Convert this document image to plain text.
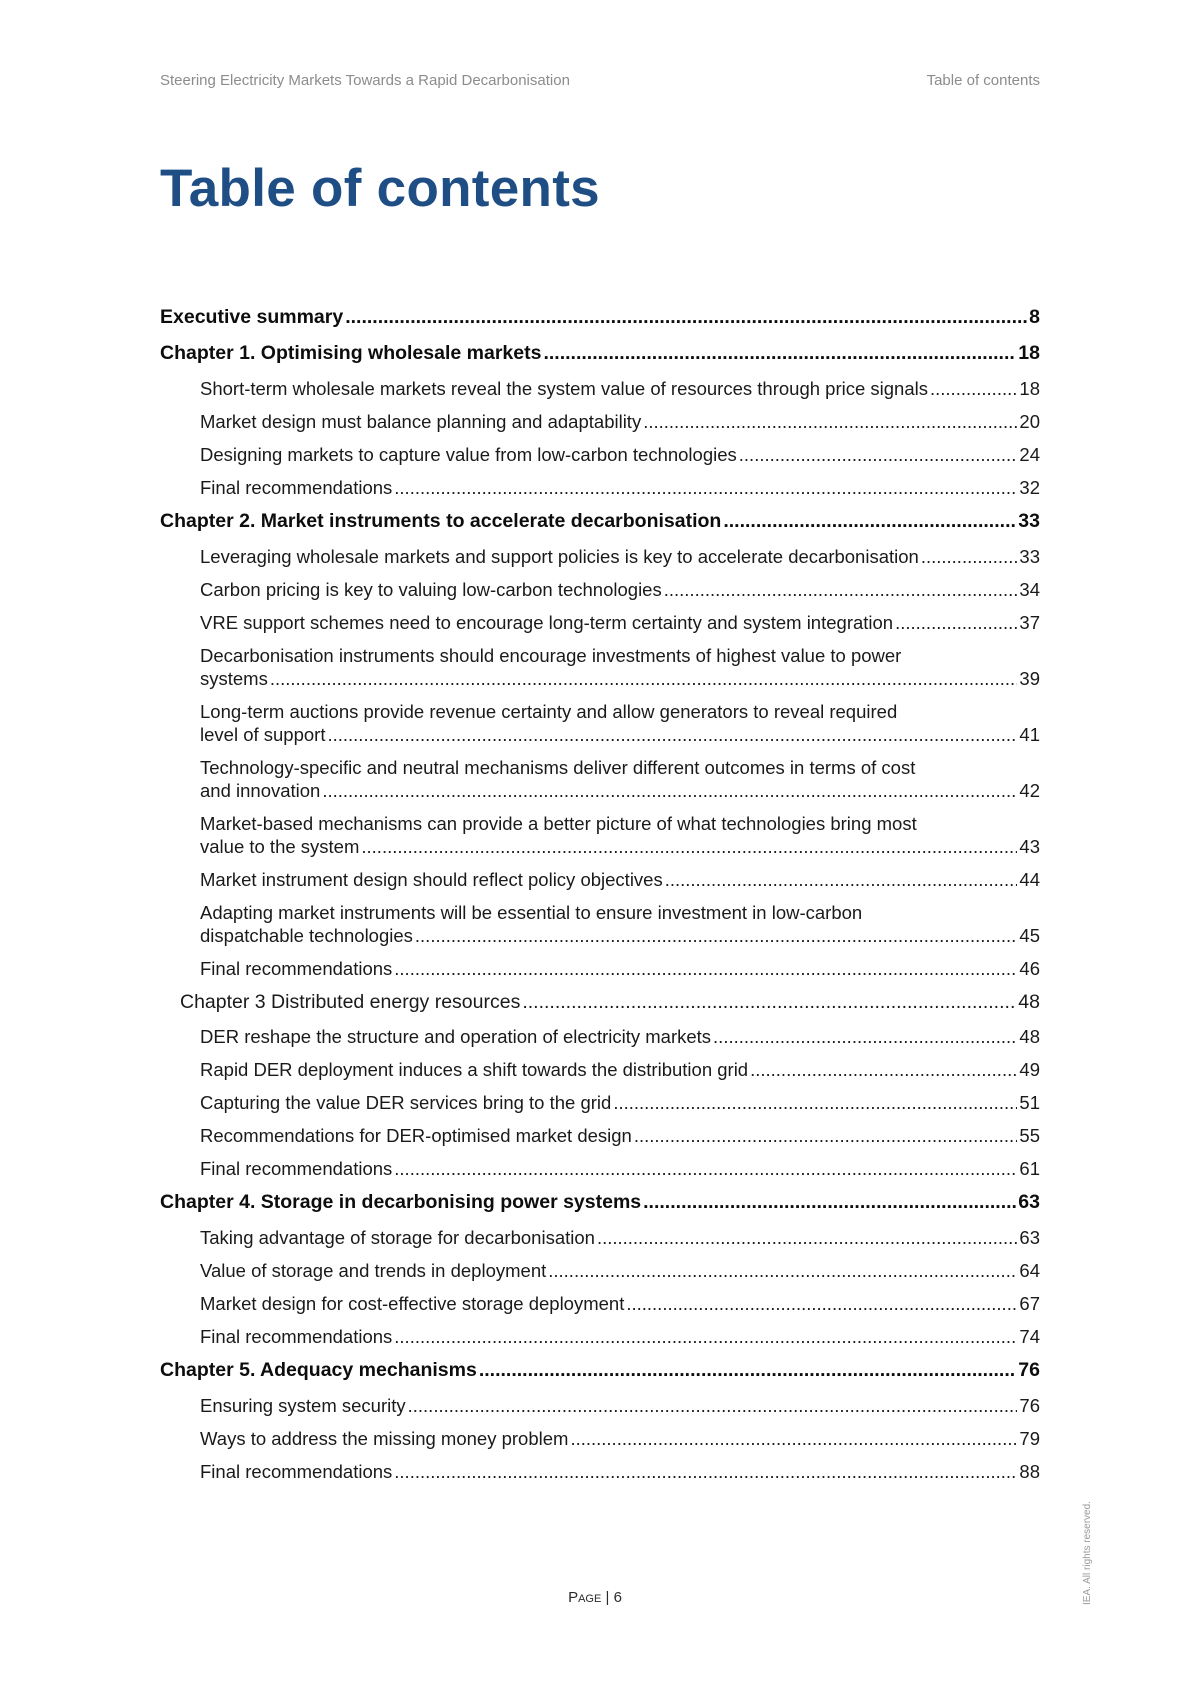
Steering Electricity Markets Towards a Rapid Decarbonisation	Table of contents
Table of contents
Executive summary .....	8
Chapter 1. Optimising wholesale markets .....	18
Short-term wholesale markets reveal the system value of resources through price signals .....	18
Market design must balance planning and adaptability .....	20
Designing markets to capture value from low-carbon technologies .....	24
Final recommendations .....	32
Chapter 2. Market instruments to accelerate decarbonisation .....	33
Leveraging wholesale markets and support policies is key to accelerate decarbonisation .....	33
Carbon pricing is key to valuing low-carbon technologies .....	34
VRE support schemes need to encourage long-term certainty and system integration .....	37
Decarbonisation instruments should encourage investments of highest value to power
systems .....	39
Long-term auctions provide revenue certainty and allow generators to reveal required
level of support .....	41
Technology-specific and neutral mechanisms deliver different outcomes in terms of cost
and innovation .....	42
Market-based mechanisms can provide a better picture of what technologies bring most
value to the system .....	43
Market instrument design should reflect policy objectives .....	44
Adapting market instruments will be essential to ensure investment in low-carbon
dispatchable technologies .....	45
Final recommendations .....	46
Chapter 3 Distributed energy resources .....	48
DER reshape the structure and operation of electricity markets .....	48
Rapid DER deployment induces a shift towards the distribution grid .....	49
Capturing the value DER services bring to the grid .....	51
Recommendations for DER-optimised market design .....	55
Final recommendations .....	61
Chapter 4. Storage in decarbonising power systems .....	63
Taking advantage of storage for decarbonisation .....	63
Value of storage and trends in deployment .....	64
Market design for cost-effective storage deployment .....	67
Final recommendations .....	74
Chapter 5. Adequacy mechanisms .....	76
Ensuring system security .....	76
Ways to address the missing money problem .....	79
Final recommendations .....	88
Page | 6	IEA. All rights reserved.
